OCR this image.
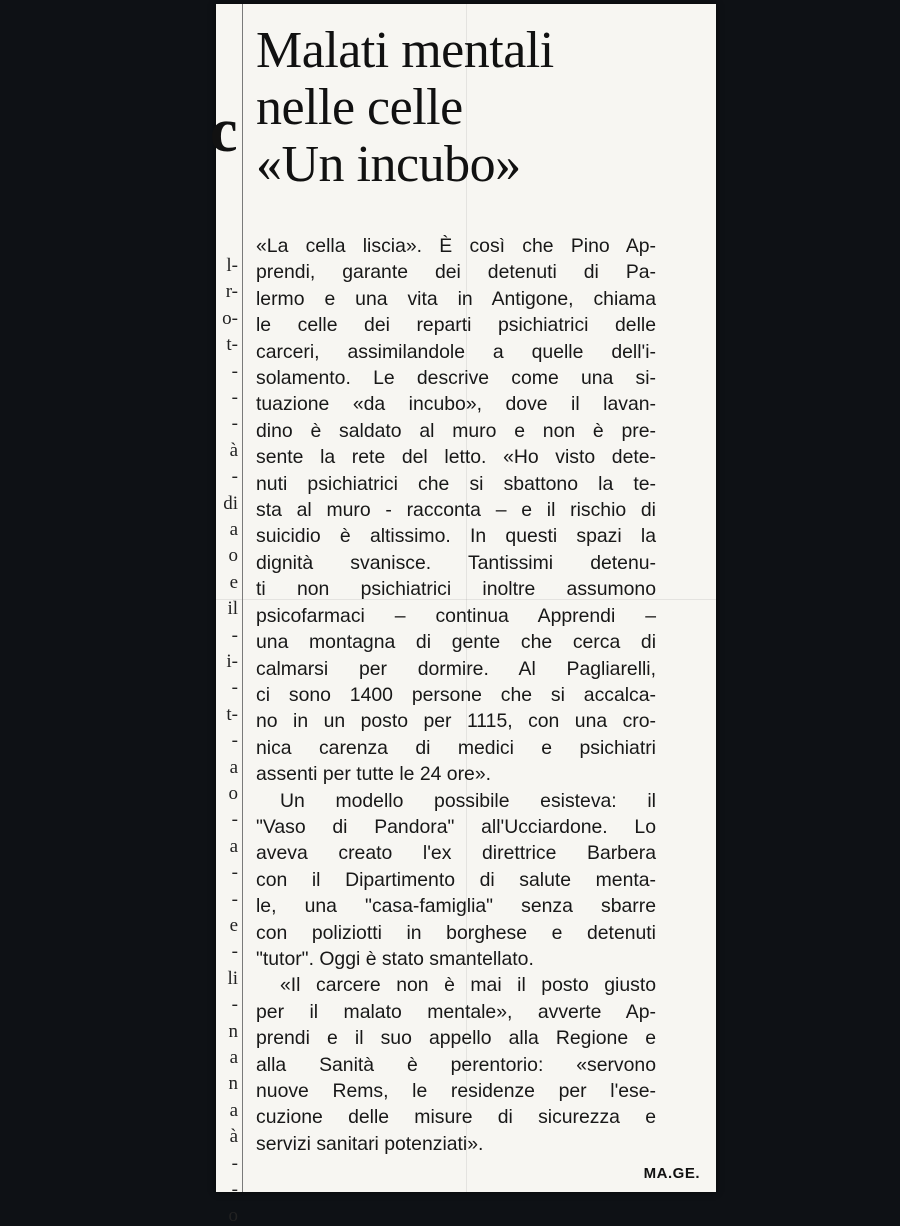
c
l-
r-
o-
t-
-
-
-
à
-
di
a
o
e
il
-
i-
-
t-
-
a
o
-
a
-
-
e
-
li
-
n
a
n
a
à
-
-
o
Malati mentali
nelle celle
«Un incubo»

«La cella liscia». È così che Pino Ap-
prendi, garante dei detenuti di Pa-
lermo e una vita in Antigone, chiama
le celle dei reparti psichiatrici delle
carceri, assimilandole a quelle dell'i-
solamento. Le descrive come una si-
tuazione «da incubo», dove il lavan-
dino è saldato al muro e non è pre-
sente la rete del letto. «Ho visto dete-
nuti psichiatrici che si sbattono la te-
sta al muro - racconta – e il rischio di
suicidio è altissimo. In questi spazi la
dignità svanisce. Tantissimi detenu-
ti non psichiatrici inoltre assumono
psicofarmaci – continua Apprendi –
una montagna di gente che cerca di
calmarsi per dormire. Al Pagliarelli,
ci sono 1400 persone che si accalca-
no in un posto per 1115, con una cro-
nica carenza di medici e psichiatri
assenti per tutte le 24 ore».

Un modello possibile esisteva: il
"Vaso di Pandora" all'Ucciardone. Lo
aveva creato l'ex direttrice Barbera
con il Dipartimento di salute menta-
le, una "casa-famiglia" senza sbarre
con poliziotti in borghese e detenuti
"tutor". Oggi è stato smantellato.

«Il carcere non è mai il posto giusto
per il malato mentale», avverte Ap-
prendi e il suo appello alla Regione e
alla Sanità è perentorio: «servono
nuove Rems, le residenze per l'ese-
cuzione delle misure di sicurezza e
servizi sanitari potenziati».

MA.GE.
